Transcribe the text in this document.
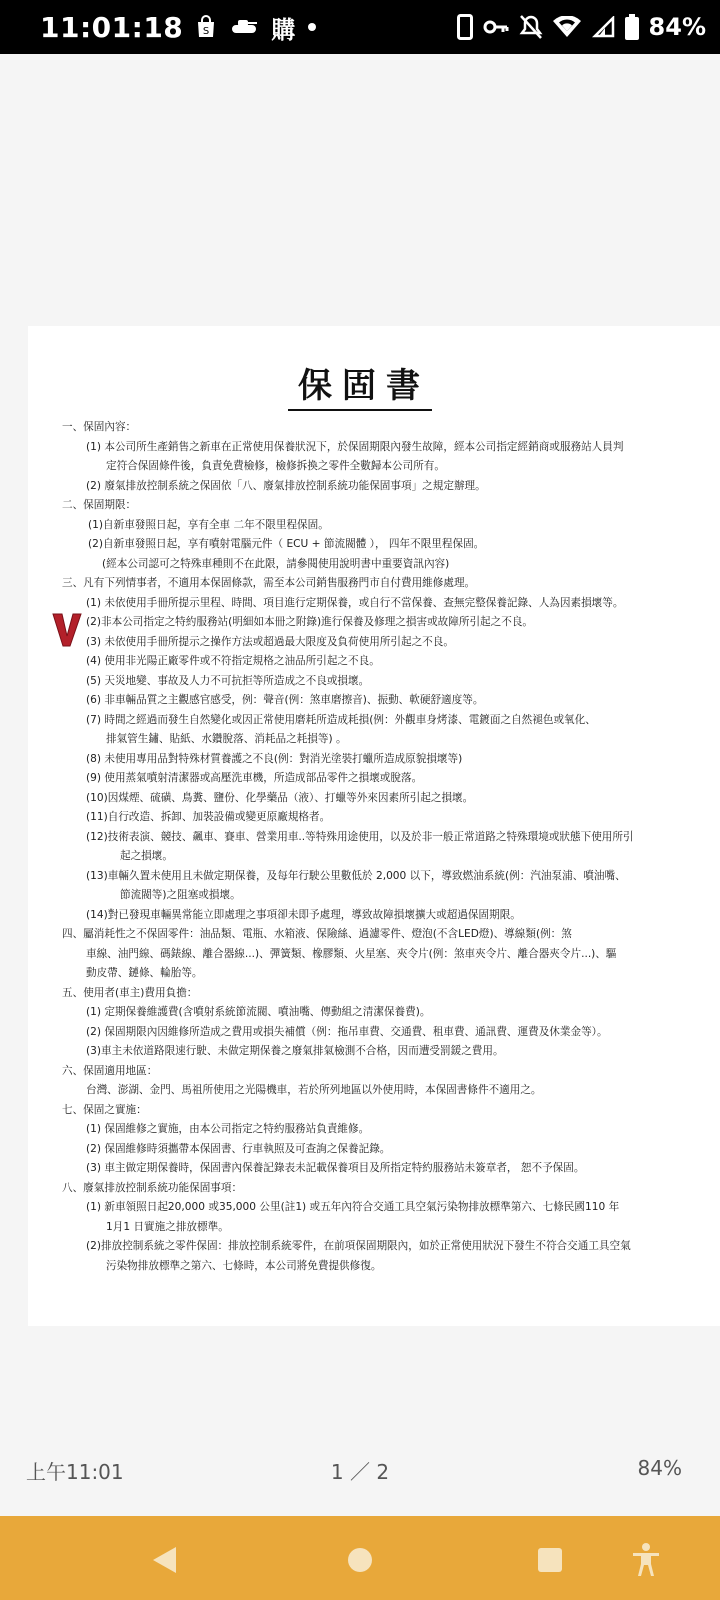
11:01:18 S	購	84%
保固書
一、保固內容：
(1) 本公司所生產銷售之新車在正常使用保養狀況下，於保固期限內發生故障，經本公司指定經銷商或服務站人員判
定符合保固條件後，負責免費檢修，檢修拆換之零件全數歸本公司所有。
(2) 廢氣排放控制系統之保固依「八、廢氣排放控制系統功能保固事項」之規定辦理。
二、保固期限：
(1)自新車發照日起，享有全車 二年不限里程保固。
(2)自新車發照日起，享有噴射電腦元件（ ECU + 節流閥體 ）， 四年不限里程保固。
(經本公司認可之特殊車種則不在此限，請參閱使用說明書中重要資訊內容)
三、凡有下列情事者，不適用本保固條款，需至本公司銷售服務門市自付費用維修處理。
(1) 未依使用手冊所提示里程、時間、項目進行定期保養，或自行不當保養、查無完整保養記錄、人為因素損壞等。
(2)非本公司指定之特約服務站(明細如本冊之附錄)進行保養及修理之損害或故障所引起之不良。
(3) 未依使用手冊所提示之操作方法或超過最大限度及負荷使用所引起之不良。
(4) 使用非光陽正廠零件或不符指定規格之油品所引起之不良。
(5) 天災地變、事故及人力不可抗拒等所造成之不良或損壞。
(6) 非車輛品質之主觀感官感受，例：聲音(例：煞車磨擦音)、振動、軟硬舒適度等。
(7) 時間之經過而發生自然變化或因正常使用磨耗所造成耗損(例：外觀車身烤漆、電鍍面之自然褪色或氧化、
排氣管生鏽、貼紙、水鑽脫落、消耗品之耗損等) 。
(8) 未使用專用品對特殊材質養護之不良(例：對消光塗裝打蠟所造成原貌損壞等)
(9) 使用蒸氣噴射清潔器或高壓洗車機，所造成部品零件之損壞或脫落。
(10)因煤煙、硫磺、鳥糞、鹽份、化學藥品（液）、打蠟等外來因素所引起之損壞。
(11)自行改造、拆卸、加裝設備或變更原廠規格者。
(12)技術表演、競技、飆車、賽車、營業用車..等特殊用途使用，以及於非一般正常道路之特殊環境或狀態下使用所引
起之損壞。
(13)車輛久置未使用且未做定期保養，及每年行駛公里數低於 2,000 以下，導致燃油系統(例：汽油泵浦、噴油嘴、
節流閥等)之阻塞或損壞。
(14)對已發現車輛異常能立即處理之事項卻未即予處理，導致故障損壞擴大或超過保固期限。
四、屬消耗性之不保固零件：油品類、電瓶、水箱液、保險絲、過濾零件、燈泡(不含LED燈)、導線類(例：煞
車線、油門線、碼錶線、離合器線...)、彈簧類、橡膠類、火星塞、夾令片(例：煞車夾令片、離合器夾令片...)、驅
動皮帶、鏈條、輪胎等。
五、使用者(車主)費用負擔：
(1) 定期保養維護費(含噴射系統節流閥、噴油嘴、傳動組之清潔保養費)。
(2) 保固期限內因維修所造成之費用或損失補償（例：拖吊車費、交通費、租車費、通訊費、運費及休業金等）。
(3)車主未依道路限速行駛、未做定期保養之廢氣排氣檢測不合格，因而遭受罰鍰之費用。
六、保固適用地區：
台灣、澎湖、金門、馬祖所使用之光陽機車，若於所列地區以外使用時，本保固書條件不適用之。
七、保固之實施：
(1) 保固維修之實施，由本公司指定之特約服務站負責維修。
(2) 保固維修時須攜帶本保固書、行車執照及可查詢之保養記錄。
(3) 車主做定期保養時，保固書內保養記錄表未記載保養項目及所指定特約服務站未簽章者， 恕不予保固。
八、廢氣排放控制系統功能保固事項：
(1) 新車領照日起20,000 或35,000 公里(註1) 或五年內符合交通工具空氣污染物排放標準第六、七條民國110 年
1月1 日實施之排放標準。
(2)排放控制系統之零件保固：排放控制系統零件，在前項保固期限內，如於正常使用狀況下發生不符合交通工具空氣
污染物排放標準之第六、七條時，本公司將免費提供修復。
上午11:01	1 ／ 2	84%
